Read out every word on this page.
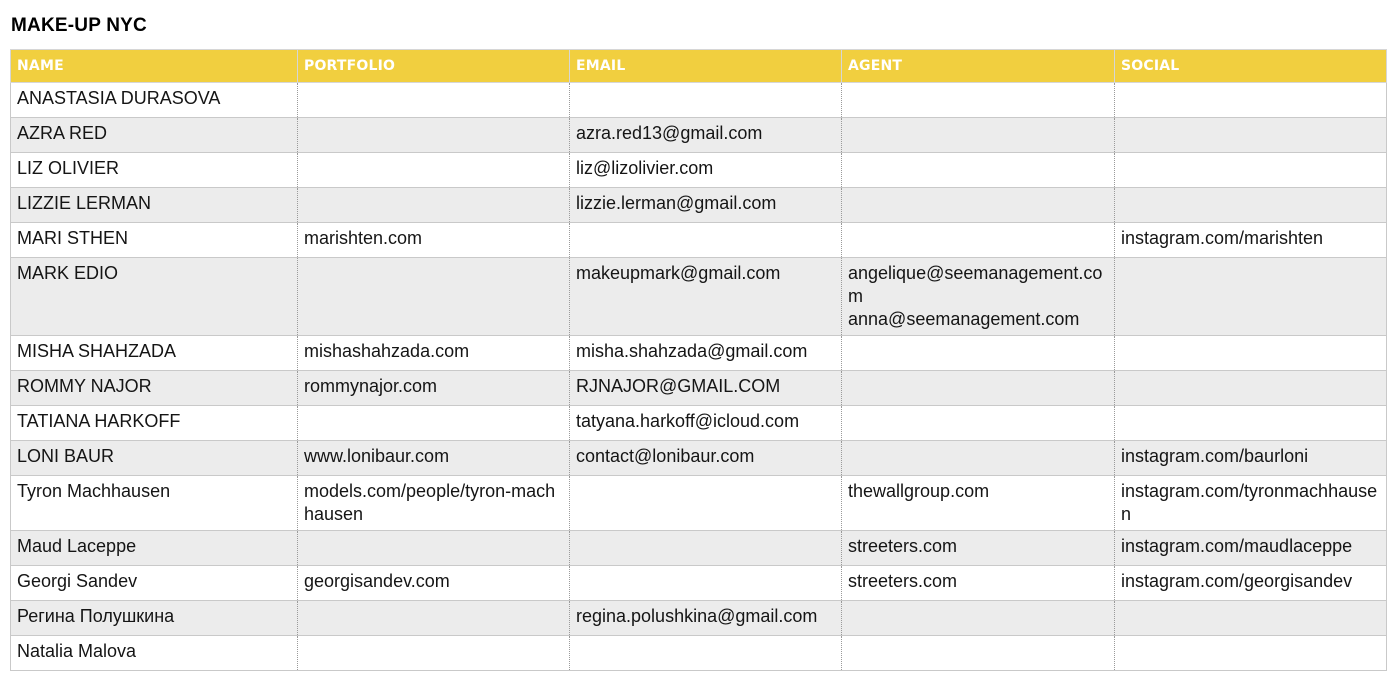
MAKE-UP NYC
NAME	PORTFOLIO	EMAIL	AGENT	SOCIAL
ANASTASIA DURASOVA				
AZRA RED		azra.red13@gmail.com		
LIZ OLIVIER		liz@lizolivier.com		
LIZZIE LERMAN		lizzie.lerman@gmail.com		
MARI STHEN	marishten.com			instagram.com/marishten
MARK EDIO		makeupmark@gmail.com	angelique@seemanagement.com
anna@seemanagement.com	

MISHA SHAHZADA	mishashahzada.com	misha.shahzada@gmail.com		
ROMMY NAJOR	rommynajor.com	RJNAJOR@GMAIL.COM		
TATIANA HARKOFF		tatyana.harkoff@icloud.com		
LONI BAUR	www.lonibaur.com	contact@lonibaur.com		instagram.com/baurloni
Tyron Machhausen	models.com/people/tyron-machhausen		thewallgroup.com	instagram.com/tyronmachhausen
Maud Laceppe			streeters.com	instagram.com/maudlaceppe
Georgi Sandev	georgisandev.com		streeters.com	instagram.com/georgisandev
Регина Полушкина		regina.polushkina@gmail.com		
Natalia Malova				
